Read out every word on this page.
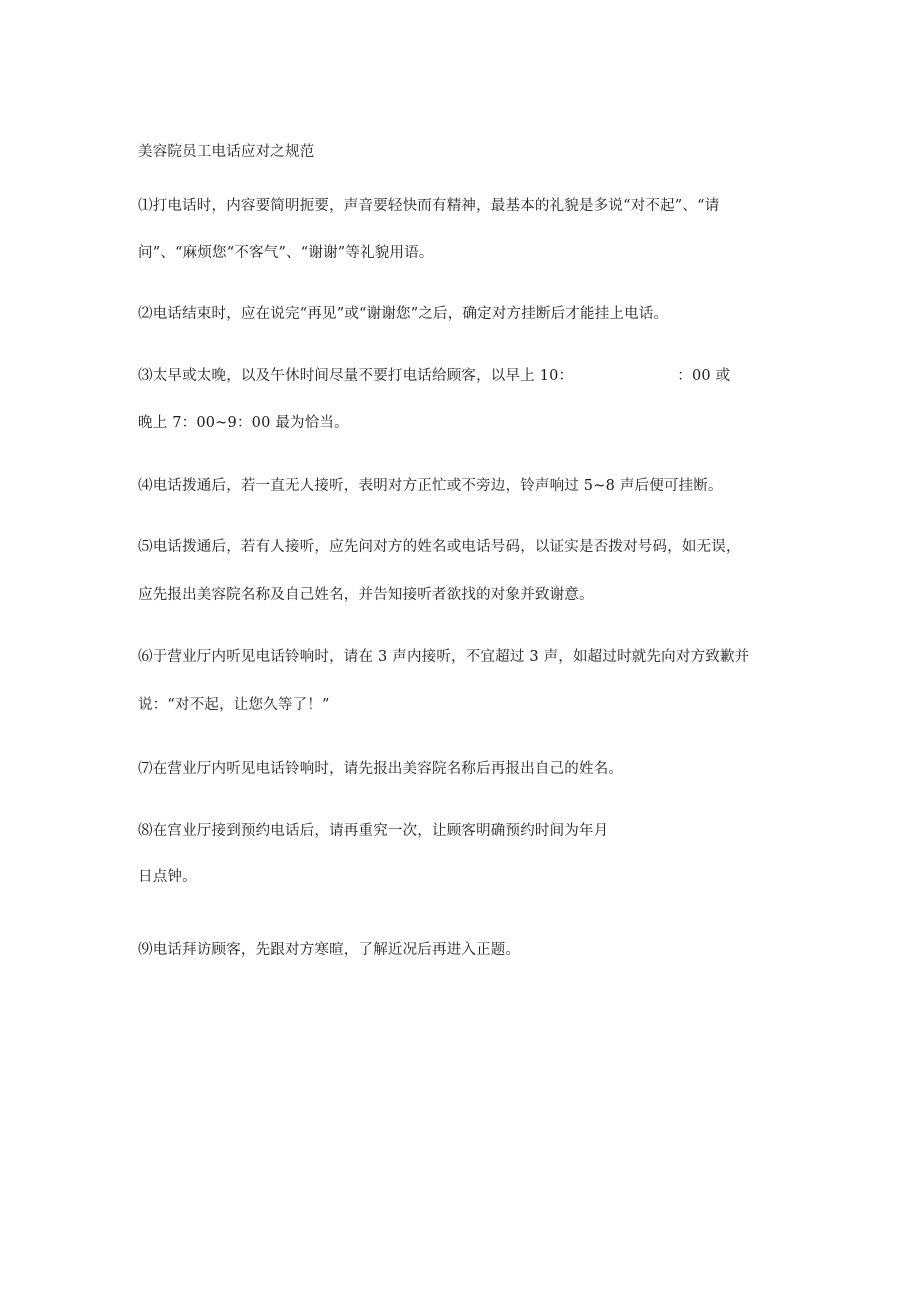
美容院员工电话应对之规范
⑴打电话时，内容要简明扼要，声音要轻快而有精神，最基本的礼貌是多说“对不起”、“请
问”、“麻烦您“不客气”、“谢谢”等礼貌用语。
⑵电话结束时，应在说完“再见”或“谢谢您”之后，确定对方挂断后才能挂上电话。
⑶太早或太晚，以及午休时间尽量不要打电话给顾客，以早上 10：	：00 或
晚上 7：00~9：00 最为恰当。
⑷电话拨通后，若一直无人接听，表明对方正忙或不旁边，铃声响过 5~8 声后便可挂断。
⑸电话拨通后，若有人接听，应先问对方的姓名或电话号码，以证实是否拨对号码，如无误，
应先报出美容院名称及自己姓名，并告知接听者欲找的对象并致谢意。
⑹于营业厅内听见电话铃响时，请在 3 声内接听，不宜超过 3 声，如超过时就先向对方致歉并
说：“对不起，让您久等了！”
⑺在营业厅内听见电话铃响时，请先报出美容院名称后再报出自己的姓名。
⑻在宫业厅接到预约电话后，请再重究一次，让顾客明确预约时间为年月
日点钟。
⑼电话拜访顾客，先跟对方寒暄，了解近况后再进入正题。
